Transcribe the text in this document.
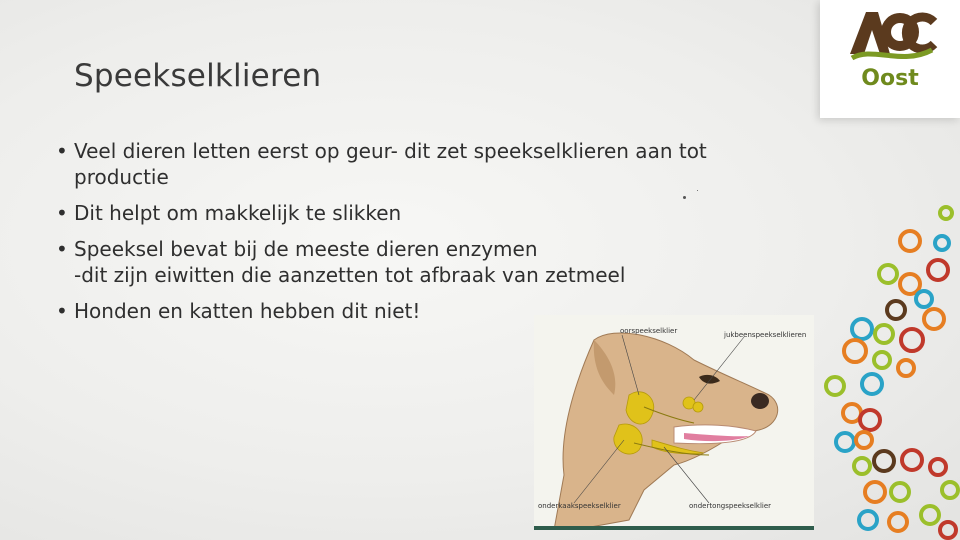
Speekselklieren
• Veel dieren letten eerst op geur- dit zet speekselklieren aan tot
productie
• Dit helpt om makkelijk te slikken
• Speeksel bevat bij de meeste dieren enzymen
-dit zijn eiwitten die aanzetten tot afbraak van zetmeel
• Honden en katten hebben dit niet!
Oost
oorspeekselklier	jukbeenspeekselklieren
onderkaakspeekselklier	ondertongspeekselklier
